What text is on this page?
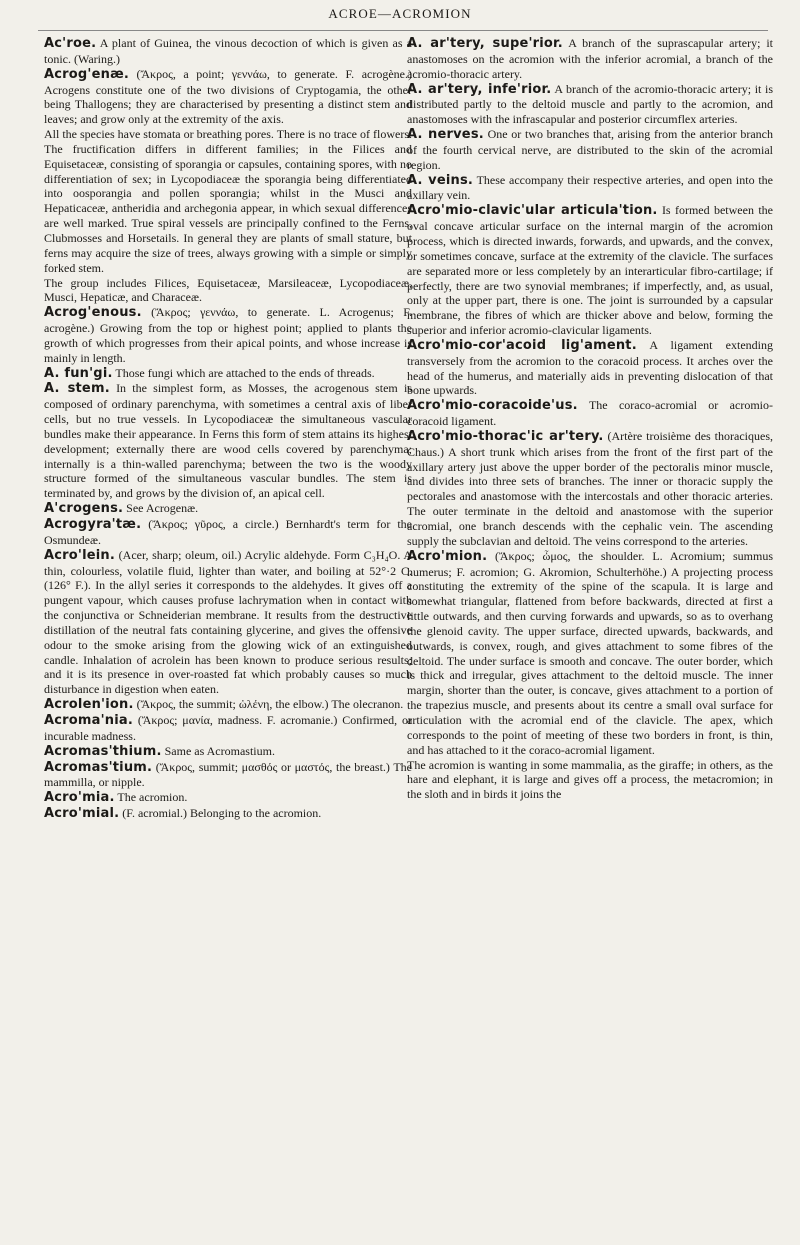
ACROE—ACROMION

Ac'roe. A plant of Guinea, the vinous decoction of which is given as a tonic. (Waring.)

Acrog'enæ. (Ἄκρος, a point; γεννάω, to generate. F. acrogène.) Acrogens constitute one of the two divisions of Cryptogamia, the other being Thallogens; they are characterised by presenting a distinct stem and leaves; and grow only at the extremity of the axis.

All the species have stomata or breathing pores. There is no trace of flowers. The fructification differs in different families; in the Filices and Equisetaceæ, consisting of sporangia or capsules, containing spores, with no differentiation of sex; in Lycopodiaceæ the sporangia being differentiated into oosporangia and pollen sporangia; whilst in the Musci and Hepaticaceæ, antheridia and archegonia appear, in which sexual differences are well marked. True spiral vessels are principally confined to the Ferns, Clubmosses and Horsetails. In general they are plants of small stature, but ferns may acquire the size of trees, always growing with a simple or simply forked stem.

The group includes Filices, Equisetaceæ, Marsileaceæ, Lycopodiaceæ, Musci, Hepaticæ, and Characeæ.

Acrog'enous. (Ἄκρος; γεννάω, to generate. L. Acrogenus; F. acrogène.) Growing from the top or highest point; applied to plants the growth of which progresses from their apical points, and whose increase is mainly in length.

A. fun'gi. Those fungi which are attached to the ends of threads.

A. stem. In the simplest form, as Mosses, the acrogenous stem is composed of ordinary parenchyma, with sometimes a central axis of liber cells, but no true vessels. In Lycopodiaceæ the simultaneous vascular bundles make their appearance. In Ferns this form of stem attains its highest development; externally there are wood cells covered by parenchyma; internally is a thin-walled parenchyma; between the two is the woody structure formed of the simultaneous vascular bundles. The stem is terminated by, and grows by the division of, an apical cell.

A'crogens. See Acrogenæ.

Acrogyra'tæ. (Ἄκρος; γῦρος, a circle.) Bernhardt's term for the Osmundeæ.

Acro'lein. (Acer, sharp; oleum, oil.) Acrylic aldehyde. Form C₃H₄O. A thin, colourless, volatile fluid, lighter than water, and boiling at 52°·2 C. (126° F.). In the allyl series it corresponds to the aldehydes. It gives off a pungent vapour, which causes profuse lachrymation when in contact with the conjunctiva or Schneiderian membrane. It results from the destructive distillation of the neutral fats containing glycerine, and gives the offensive odour to the smoke arising from the glowing wick of an extinguished candle. Inhalation of acrolein has been known to produce serious results; and it is its presence in over-roasted fat which probably causes so much disturbance in digestion when eaten.

Acrolen'ion. (Ἄκρος, the summit; ὠλένη, the elbow.) The olecranon.

Acroma'nia. (Ἄκρος; μανία, madness. F. acromanie.) Confirmed, or incurable madness.

Acromas'thium. Same as Acromastium.

Acromas'tium. (Ἄκρος, summit; μασθός or μαστός, the breast.) The mammilla, or nipple.

Acro'mia. The acromion.

Acro'mial. (F. acromial.) Belonging to the acromion.

A. ar'tery, supe'rior. A branch of the suprascapular artery; it anastomoses on the acromion with the inferior acromial, a branch of the acromio-thoracic artery.

A. ar'tery, infe'rior. A branch of the acromio-thoracic artery; it is distributed partly to the deltoid muscle and partly to the acromion, and anastomoses with the infrascapular and posterior circumflex arteries.

A. nerves. One or two branches that, arising from the anterior branch of the fourth cervical nerve, are distributed to the skin of the acromial region.

A. veins. These accompany their respective arteries, and open into the axillary vein.

Acro'mio-clavic'ular articula'tion. Is formed between the oval concave articular surface on the internal margin of the acromion process, which is directed inwards, forwards, and upwards, and the convex, or sometimes concave, surface at the extremity of the clavicle. The surfaces are separated more or less completely by an interarticular fibro-cartilage; if perfectly, there are two synovial membranes; if imperfectly, and, as usual, only at the upper part, there is one. The joint is surrounded by a capsular membrane, the fibres of which are thicker above and below, forming the superior and inferior acromio-clavicular ligaments.

Acro'mio-cor'acoid lig'ament. A ligament extending transversely from the acromion to the coracoid process. It arches over the head of the humerus, and materially aids in preventing dislocation of that bone upwards.

Acro'mio-coracoide'us. The coraco-acromial or acromio-coracoid ligament.

Acro'mio-thorac'ic ar'tery. (Artère troisième des thoraciques, Chaus.) A short trunk which arises from the front of the first part of the axillary artery just above the upper border of the pectoralis minor muscle, and divides into three sets of branches. The inner or thoracic supply the pectorales and anastomose with the intercostals and other thoracic arteries. The outer terminate in the deltoid and anastomose with the superior acromial, one branch descends with the cephalic vein. The ascending supply the subclavian and deltoid. The veins correspond to the arteries.

Acro'mion. (Ἄκρος; ὦμος, the shoulder. L. Acromium; summus humerus; F. acromion; G. Akromion, Schulterhöhe.) A projecting process constituting the extremity of the spine of the scapula. It is large and somewhat triangular, flattened from before backwards, directed at first a little outwards, and then curving forwards and upwards, so as to overhang the glenoid cavity. The upper surface, directed upwards, backwards, and outwards, is convex, rough, and gives attachment to some fibres of the deltoid. The under surface is smooth and concave. The outer border, which is thick and irregular, gives attachment to the deltoid muscle. The inner margin, shorter than the outer, is concave, gives attachment to a portion of the trapezius muscle, and presents about its centre a small oval surface for articulation with the acromial end of the clavicle. The apex, which corresponds to the point of meeting of these two borders in front, is thin, and has attached to it the coraco-acromial ligament.

The acromion is wanting in some mammalia, as the giraffe; in others, as the hare and elephant, it is large and gives off a process, the metacromion; in the sloth and in birds it joins the
